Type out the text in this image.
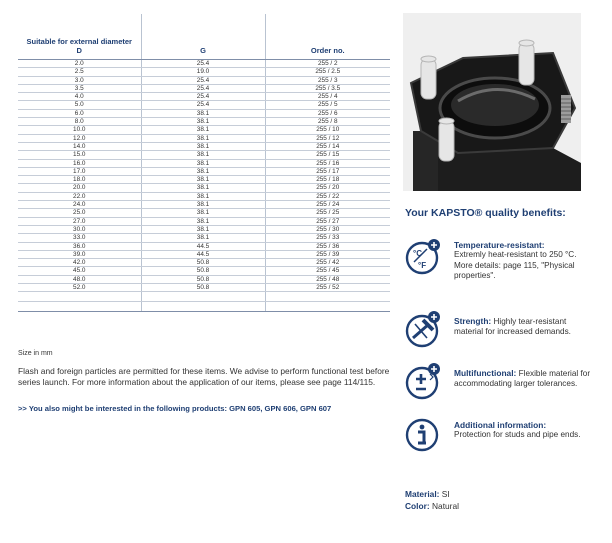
Suitable for external diameter
D	G	Order no.
2.0	25.4	255 / 2
2.5	19.0	255 / 2.5
3.0	25.4	255 / 3
3.5	25.4	255 / 3.5
4.0	25.4	255 / 4
5.0	25.4	255 / 5
6.0	38.1	255 / 6
8.0	38.1	255 / 8
10.0	38.1	255 / 10
12.0	38.1	255 / 12
14.0	38.1	255 / 14
15.0	38.1	255 / 15
16.0	38.1	255 / 16
17.0	38.1	255 / 17
18.0	38.1	255 / 18
20.0	38.1	255 / 20
22.0	38.1	255 / 22
24.0	38.1	255 / 24
25.0	38.1	255 / 25
27.0	38.1	255 / 27
30.0	38.1	255 / 30
33.0	38.1	255 / 33
36.0	44.5	255 / 36
39.0	44.5	255 / 39
42.0	50.8	255 / 42
45.0	50.8	255 / 45
48.0	50.8	255 / 48
52.0	50.8	255 / 52

Size in mm
Flash and foreign particles are permitted for these items. We advise to perform functional test before series launch. For more information about the application of our items, please see page 114/115.
>> You also might be interested in the following products: GPN 605, GPN 606, GPN 607
Your KAPSTO® quality benefits:
°C
°F
Temperature-resistant:
Extremly heat-resistant to 250 °C. More details: page 115, "Physical properties".
Strength: Highly tear-resistant material for increased demands.
Multifunctional: Flexible material for accommodating larger tolerances.
Additional information:
Protection for studs and pipe ends.
Material: SI
Color: Natural
